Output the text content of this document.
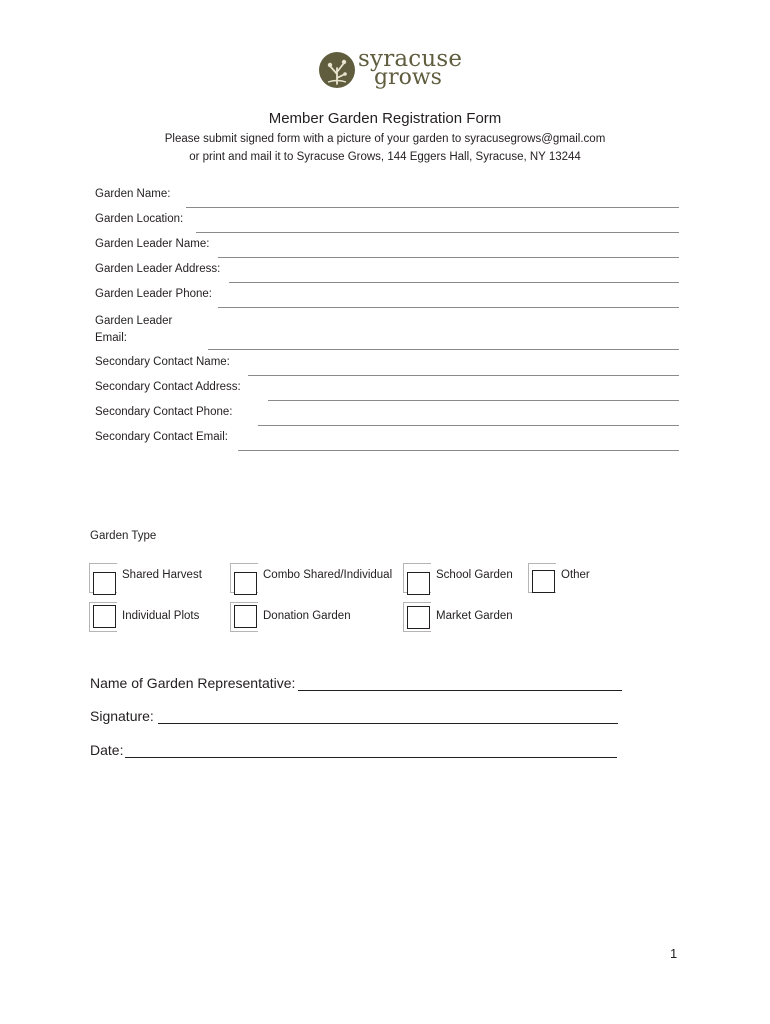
syracuse
grows
Member Garden Registration Form
Please submit signed form with a picture of your garden to syracusegrows@gmail.com
or print and mail it to Syracuse Grows, 144 Eggers Hall, Syracuse, NY 13244
Garden Name:
Garden Location:
Garden Leader Name:
Garden Leader Address:
Garden Leader Phone:
Garden Leader Email:
Secondary Contact Name:
Secondary Contact Address:
Secondary Contact Phone:
Secondary Contact Email:
Garden Type
Shared Harvest	Combo Shared/Individual	School Garden	Other
Individual Plots	Donation Garden	Market Garden
Name of Garden Representative:
Signature:
Date:
1
